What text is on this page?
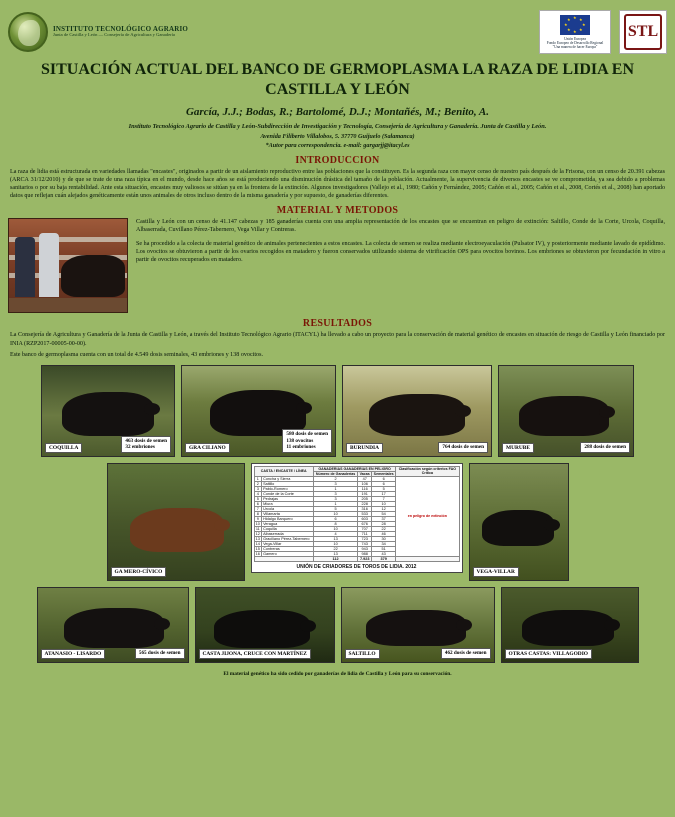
INSTITUTO TECNOLÓGICO AGRARIO
Junta de Castilla y León — Consejería de Agricultura y Ganadería
★ ★
★
★
★
★
★
★
Unión Europea
Fondo Europeo de Desarrollo Regional
"Una manera de hacer Europa"
STL
SITUACIÓN ACTUAL DEL BANCO DE GERMOPLASMA LA RAZA DE LIDIA EN CASTILLA Y LEÓN
García, J.J.; Bodas, R.; Bartolomé, D.J.; Montañés, M.; Benito, A.
Instituto Tecnológico Agrario de Castilla y León-Subdirección de Investigación y Tecnología, Consejería de Agricultura y Ganadería. Junta de Castilla y León.
Avenida Filiberto Villalobos, 5. 37770 Guijuelo (Salamanca)
*Autor para correspondencia. e-mail: gargarjj@itacyl.es
INTRODUCCION
La raza de lidia está estructurada en variedades llamadas "encastes", originados a partir de un aislamiento reproductivo entre las poblaciones que la constituyen. Es la segunda raza con mayor censo de nuestro país después de la Frisona, con un censo de 20.391 cabezas (ARCA 31/12/2010) y de que se trate de una raza típica en el mundo, desde hace años se está produciendo una disminución drástica del tamaño de la población. Actualmente, la supervivencia de diversos encastes se ve comprometida, ya sea debido a problemas sanitarios o por su baja rentabilidad. Ante esta situación, encastes muy valiosos se sitúan ya en la frontera de la extinción. Algunos investigadores (Vallejo et al., 1980; Cañón y Fernández, 2005; Cañón et al., 2005; Cañón et al., 2008, Cortés et al., 2008) han aportado datos que reflejan cuán alejados genéticamente están unos animales de otros incluso dentro de la misma ganadería y por supuesto, de ganaderías diferentes.
MATERIAL Y METODOS
Castilla y León con un censo de 41.147 cabezas y 185 ganaderías cuenta con una amplia representación de los encastes que se encuentran en peligro de extinción: Saltillo, Conde de la Corte, Urcola, Coquilla, Albaserrada, Cuvillano Pérez-Tabernero, Vega Villar y Contreras.
Se ha procedido a la colecta de material genético de animales pertenecientes a estos encastes. La colecta de semen se realiza mediante electroeyaculación (Pulsator IV), y posteriormente mediante lavado de epidídimo. Los ovocitos se obtuvieron a partir de los ovarios recogidos en matadero y fueron conservados utilizando sistema de vitrificación OPS para ovocitos bovinos. Los embriones se obtuvieron por fecundación in vitro a partir de ovocitos recuperados en matadero.
RESULTADOS
La Consejería de Agricultura y Ganadería de la Junta de Castilla y León, a través del Instituto Tecnológico Agrario (ITACYL) ha llevado a cabo un proyecto para la conservación de material genético de encastes en situación de riesgo de Castilla y León financiado por INIA (RZP2017-00005-00-00).
Este banco de germoplasma cuenta con un total de 4.549 dosis seminales, 43 embriones y 138 ovocitos.
COQUILLA
463 dosis de semen
32 embriones	GRA CILIANO
580 dosis de semen
138 ovocitos
11 embriones	BURUNDIA	764 dosis de semen	MURUBE	288 dosis de semen
GA MERO-CÍVICO
CASTA / ENCASTE / LÍNEA		GANADERIAS GANADERIAS EN PELIGRO			Clasificación según criterios FAO
Crítica
		Número de Ganaderías	Vacas	Sementales	
1	Concha y Sierra	2	47	6	en peligro de extinción
2	Saltillo	3	106	6	
3	Pablo-Romero	1	116	5	
4	Conde de la Corte	3	191	17	
5	Pedrajas	3	205	7	
6	Miura	1	228	10	
7	Urcola	5	316	12	
8	Villamarta	10	533	54	
9	Hidalgo Barquero	6	603	37	
10	Veragua	8	676	28	
11	Coquilla	10	707	22	
12	Albaserrada	4	711	46	
13	Graciliano Pérez-Tabernero	13	723	30	
14	Vega-Villar	10	743	34	
15	Contreras	22	943	51	
16	Gamero	13	988	43	
		112	7.923	379	
UNIÓN DE CRIADORES DE TOROS DE LIDIA. 2012
VEGA-VILLAR
ATANASIO - LISARDO	565 dosis de semen	CASTA JIJONA, CRUCE CON MARTÍNEZ	SALTILLO	462 dosis de semen	OTRAS CASTAS: VILLAGODIO
El material genético ha sido cedido por ganaderías de lidia de Castilla y León para su conservación.
